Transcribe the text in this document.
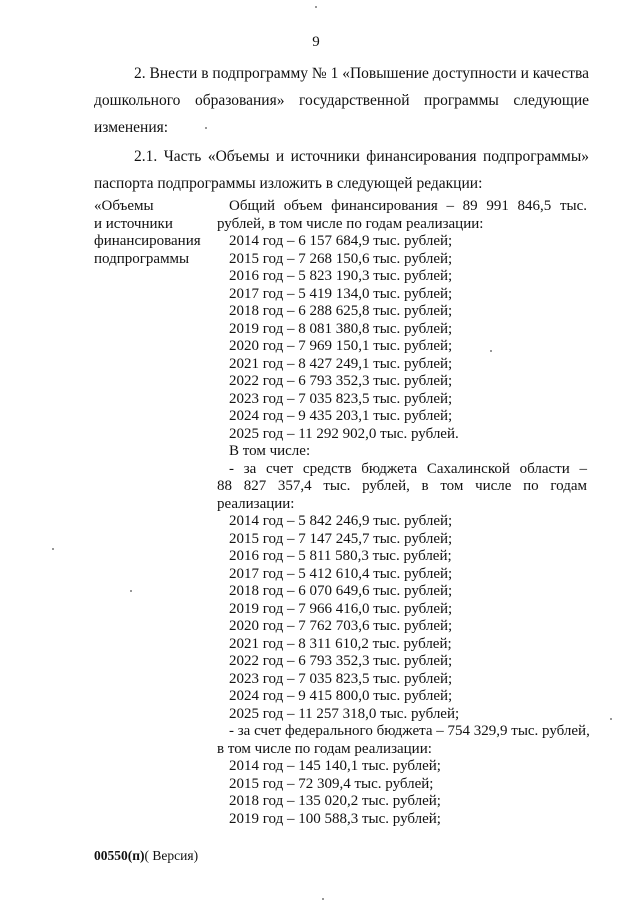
9
2. Внести в подпрограмму № 1 «Повышение доступности и качества
дошкольного образования» государственной программы следующие
изменения:
2.1. Часть «Объемы и источники финансирования подпрограммы»
паспорта подпрограммы изложить в следующей редакции:
«Объемы
и источники
финансирования
подпрограммы
Общий объем финансирования – 89 991 846,5 тыс.
рублей, в том числе по годам реализации:
2014 год – 6 157 684,9 тыс. рублей;
2015 год – 7 268 150,6 тыс. рублей;
2016 год – 5 823 190,3 тыс. рублей;
2017 год – 5 419 134,0 тыс. рублей;
2018 год – 6 288 625,8 тыс. рублей;
2019 год – 8 081 380,8 тыс. рублей;
2020 год – 7 969 150,1 тыс. рублей;
2021 год – 8 427 249,1 тыс. рублей;
2022 год – 6 793 352,3 тыс. рублей;
2023 год – 7 035 823,5 тыс. рублей;
2024 год – 9 435 203,1 тыс. рублей;
2025 год – 11 292 902,0 тыс. рублей.
В том числе:
- за счет средств бюджета Сахалинской области –
88 827 357,4 тыс. рублей, в том числе по годам
реализации:
2014 год – 5 842 246,9 тыс. рублей;
2015 год – 7 147 245,7 тыс. рублей;
2016 год – 5 811 580,3 тыс. рублей;
2017 год – 5 412 610,4 тыс. рублей;
2018 год – 6 070 649,6 тыс. рублей;
2019 год – 7 966 416,0 тыс. рублей;
2020 год – 7 762 703,6 тыс. рублей;
2021 год – 8 311 610,2 тыс. рублей;
2022 год – 6 793 352,3 тыс. рублей;
2023 год – 7 035 823,5 тыс. рублей;
2024 год – 9 415 800,0 тыс. рублей;
2025 год – 11 257 318,0 тыс. рублей;
- за счет федерального бюджета – 754 329,9 тыс. рублей,
в том числе по годам реализации:
2014 год – 145 140,1 тыс. рублей;
2015 год – 72 309,4 тыс. рублей;
2018 год – 135 020,2 тыс. рублей;
2019 год – 100 588,3 тыс. рублей;
00550(п)( Версия)
